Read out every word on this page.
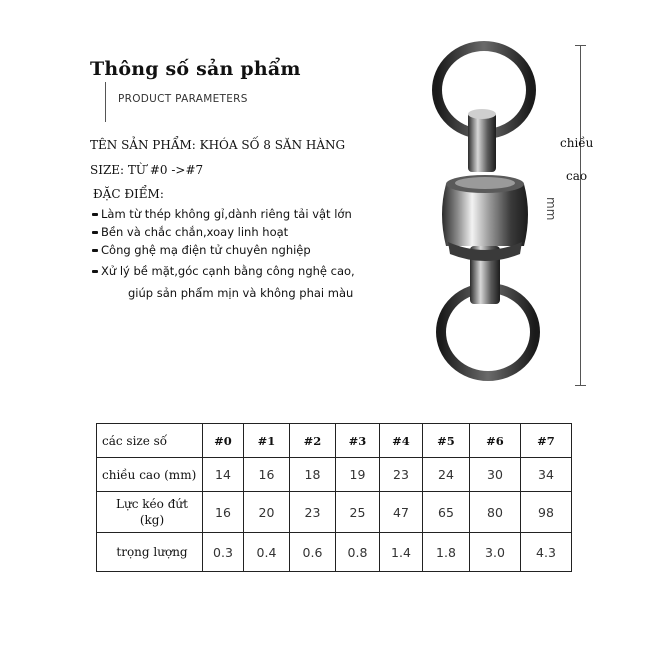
Thông số sản phẩm
PRODUCT PARAMETERS
TÊN SẢN PHẨM: KHÓA SỐ 8 SĂN HÀNG
SIZE: TỪ #0 ->#7
ĐẶC ĐIỂM:
Làm từ thép không gỉ,dành riêng tải vật lớn
Bền và chắc chắn,xoay linh hoạt
Công ghệ mạ điện tử chuyên nghiệp
Xử lý bề mặt,góc cạnh bằng công nghệ cao,
giúp sản phẩm mịn và không phai màu
chiều
cao
mm
các size số	#0	#1	#2	#3	#4	#5	#6	#7
chiều cao (mm)	14	16	18	19	23	24	30	34

Lực kéo đứt
(kg)	16	20	23	25	47	65	80	98
trọng lượng	0.3	0.4	0.6	0.8	1.4	1.8	3.0	4.3
